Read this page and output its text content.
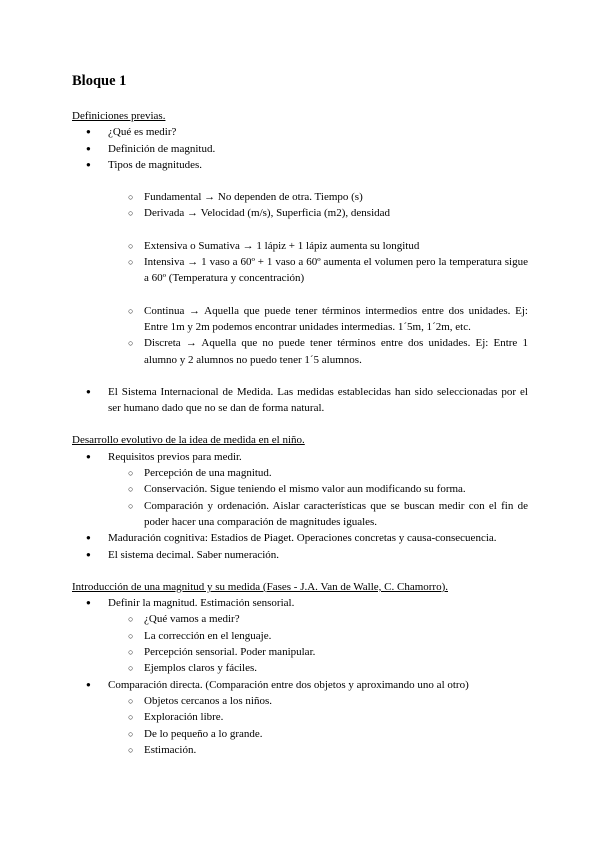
Bloque 1
Definiciones previas.
● ¿Qué es medir?
● Definición de magnitud.
● Tipos de magnitudes.
○ Fundamental → No dependen de otra. Tiempo (s)
○ Derivada → Velocidad (m/s), Superficia (m2), densidad
○ Extensiva o Sumativa → 1 lápiz + 1 lápiz aumenta su longitud
○ Intensiva → 1 vaso a 60º + 1 vaso a 60º aumenta el volumen pero la temperatura sigue a 60º (Temperatura y concentración)
○ Continua → Aquella que puede tener términos intermedios entre dos unidades. Ej: Entre 1m y 2m podemos encontrar unidades intermedias. 1´5m, 1´2m, etc.
○ Discreta → Aquella que no puede tener términos entre dos unidades. Ej: Entre 1 alumno y 2 alumnos no puedo tener 1´5 alumnos.
● El Sistema Internacional de Medida. Las medidas establecidas han sido seleccionadas por el ser humano dado que no se dan de forma natural.
Desarrollo evolutivo de la idea de medida en el niño.
● Requisitos previos para medir.
○ Percepción de una magnitud.
○ Conservación. Sigue teniendo el mismo valor aun modificando su forma.
○ Comparación y ordenación. Aislar características que se buscan medir con el fin de poder hacer una comparación de magnitudes iguales.
● Maduración cognitiva: Estadios de Piaget. Operaciones concretas y causa-consecuencia.
● El sistema decimal. Saber numeración.
Introducción de una magnitud y su medida (Fases - J.A. Van de Walle, C. Chamorro).
● Definir la magnitud. Estimación sensorial.
○ ¿Qué vamos a medir?
○ La corrección en el lenguaje.
○ Percepción sensorial. Poder manipular.
○ Ejemplos claros y fáciles.
● Comparación directa. (Comparación entre dos objetos y aproximando uno al otro)
○ Objetos cercanos a los niños.
○ Exploración libre.
○ De lo pequeño a lo grande.
○ Estimación.
